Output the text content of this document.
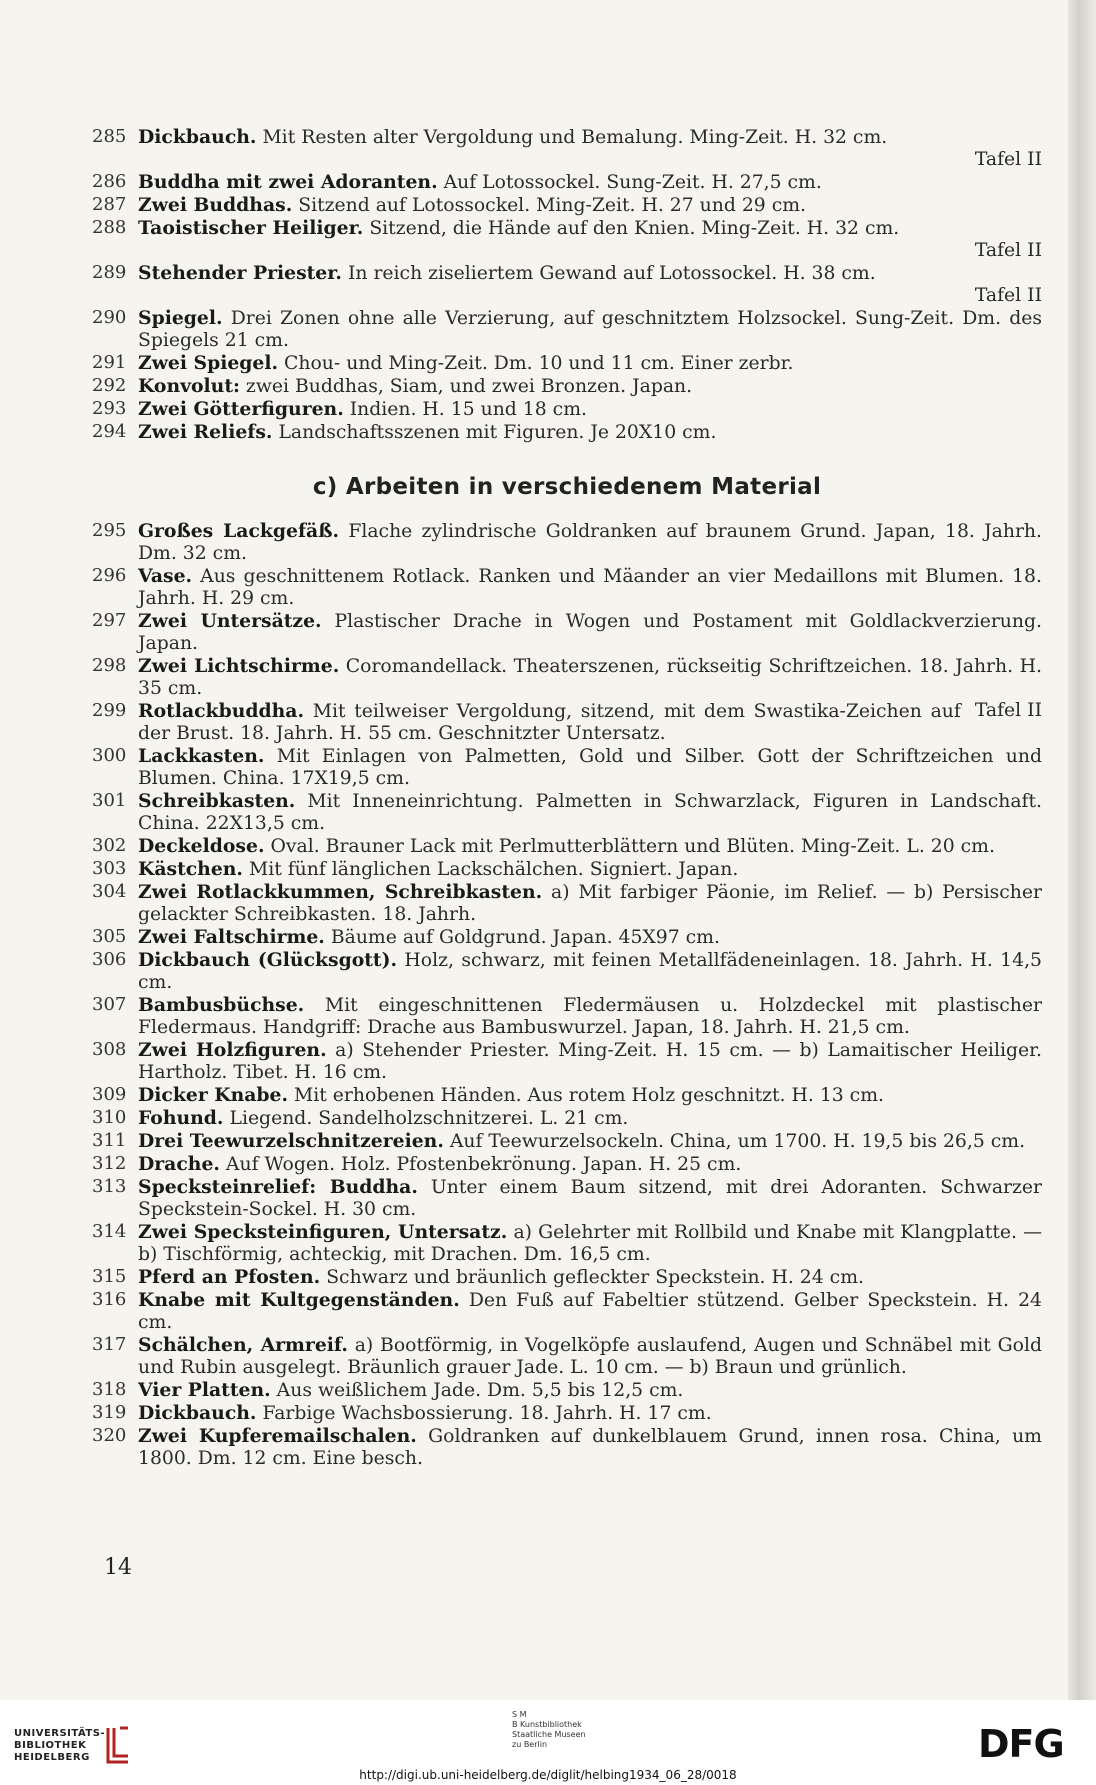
285 Dickbauch. Mit Resten alter Vergoldung und Bemalung. Ming-Zeit. H. 32 cm.
Tafel II
286 Buddha mit zwei Adoranten. Auf Lotossockel. Sung-Zeit. H. 27,5 cm.
287 Zwei Buddhas. Sitzend auf Lotossockel. Ming-Zeit. H. 27 und 29 cm.
288 Taoistischer Heiliger. Sitzend, die Hände auf den Knien. Ming-Zeit. H. 32 cm.
Tafel II
289 Stehender Priester. In reich ziseliertem Gewand auf Lotossockel. H. 38 cm.
Tafel II
290 Spiegel. Drei Zonen ohne alle Verzierung, auf geschnitztem Holzsockel. Sung-Zeit. Dm. des Spiegels 21 cm.
291 Zwei Spiegel. Chou- und Ming-Zeit. Dm. 10 und 11 cm. Einer zerbr.
292 Konvolut: zwei Buddhas, Siam, und zwei Bronzen. Japan.
293 Zwei Götterfiguren. Indien. H. 15 und 18 cm.
294 Zwei Reliefs. Landschaftsszenen mit Figuren. Je 20X10 cm.
c) Arbeiten in verschiedenem Material
295 Großes Lackgefäß. Flache zylindrische Goldranken auf braunem Grund. Japan, 18. Jahrh. Dm. 32 cm.
296 Vase. Aus geschnittenem Rotlack. Ranken und Mäander an vier Medaillons mit Blumen. 18. Jahrh. H. 29 cm.
297 Zwei Untersätze. Plastischer Drache in Wogen und Postament mit Goldlackverzierung. Japan.
298 Zwei Lichtschirme. Coromandellack. Theaterszenen, rückseitig Schriftzeichen. 18. Jahrh. H. 35 cm.
299	Tafel II
Rotlackbuddha. Mit teilweiser Vergoldung, sitzend, mit dem Swastika-Zeichen auf der Brust. 18. Jahrh. H. 55 cm. Geschnitzter Untersatz.
300 Lackkasten. Mit Einlagen von Palmetten, Gold und Silber. Gott der Schriftzeichen und Blumen. China. 17X19,5 cm.
301 Schreibkasten. Mit Inneneinrichtung. Palmetten in Schwarzlack, Figuren in Landschaft. China. 22X13,5 cm.
302 Deckeldose. Oval. Brauner Lack mit Perlmutterblättern und Blüten. Ming-Zeit. L. 20 cm.
303 Kästchen. Mit fünf länglichen Lackschälchen. Signiert. Japan.
304 Zwei Rotlackkummen, Schreibkasten. a) Mit farbiger Päonie, im Relief. — b) Persischer gelackter Schreibkasten. 18. Jahrh.
305 Zwei Faltschirme. Bäume auf Goldgrund. Japan. 45X97 cm.
306 Dickbauch (Glücksgott). Holz, schwarz, mit feinen Metallfädeneinlagen. 18. Jahrh. H. 14,5 cm.
307 Bambusbüchse. Mit eingeschnittenen Fledermäusen u. Holzdeckel mit plastischer Fledermaus. Handgriff: Drache aus Bambuswurzel. Japan, 18. Jahrh. H. 21,5 cm.
308 Zwei Holzfiguren. a) Stehender Priester. Ming-Zeit. H. 15 cm. — b) Lamaitischer Heiliger. Hartholz. Tibet. H. 16 cm.
309 Dicker Knabe. Mit erhobenen Händen. Aus rotem Holz geschnitzt. H. 13 cm.
310 Fohund. Liegend. Sandelholzschnitzerei. L. 21 cm.
311 Drei Teewurzelschnitzereien. Auf Teewurzelsockeln. China, um 1700. H. 19,5 bis 26,5 cm.
312 Drache. Auf Wogen. Holz. Pfostenbekrönung. Japan. H. 25 cm.
313 Specksteinrelief: Buddha. Unter einem Baum sitzend, mit drei Adoranten. Schwarzer Speckstein-Sockel. H. 30 cm.
314 Zwei Specksteinfiguren, Untersatz. a) Gelehrter mit Rollbild und Knabe mit Klangplatte. — b) Tischförmig, achteckig, mit Drachen. Dm. 16,5 cm.
315 Pferd an Pfosten. Schwarz und bräunlich gefleckter Speckstein. H. 24 cm.
316 Knabe mit Kultgegenständen. Den Fuß auf Fabeltier stützend. Gelber Speckstein. H. 24 cm.
317 Schälchen, Armreif. a) Bootförmig, in Vogelköpfe auslaufend, Augen und Schnäbel mit Gold und Rubin ausgelegt. Bräunlich grauer Jade. L. 10 cm. — b) Braun und grünlich.
318 Vier Platten. Aus weißlichem Jade. Dm. 5,5 bis 12,5 cm.
319 Dickbauch. Farbige Wachsbossierung. 18. Jahrh. H. 17 cm.
320 Zwei Kupferemailschalen. Goldranken auf dunkelblauem Grund, innen rosa. China, um 1800. Dm. 12 cm. Eine besch.
14
UNIVERSITÄTS-
BIBLIOTHEK
HEIDELBERG
S M
B Kunstbibliothek
Staatliche Museen
zu Berlin	DFG
http://digi.ub.uni-heidelberg.de/diglit/helbing1934_06_28/0018
